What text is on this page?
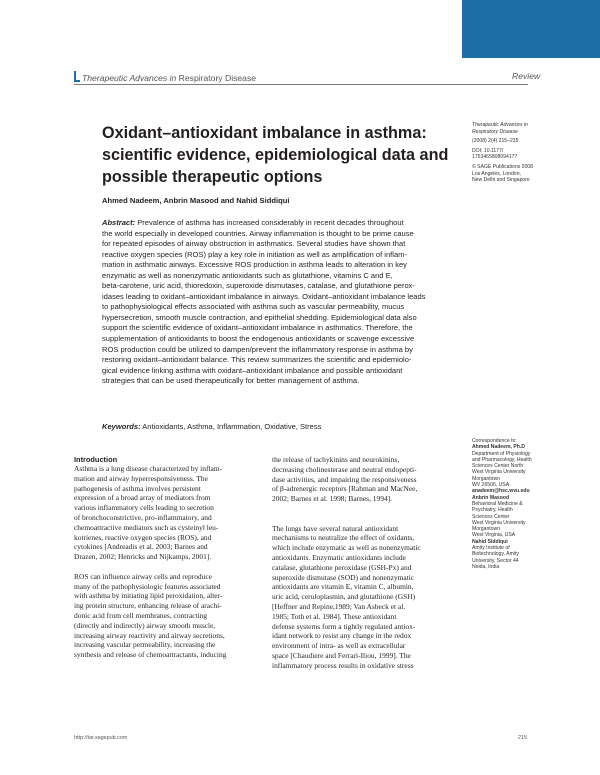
Therapeutic Advances in Respiratory Disease	Review
Oxidant–antioxidant imbalance in asthma: scientific evidence, epidemiological data and possible therapeutic options
Ahmed Nadeem, Anbrin Masood and Nahid Siddiqui
Therapeutic Advances in
Respiratory Disease
(2008) 2(4) 215–235
DOI: 10.1177/
1753465808094177
© SAGE Publications 2008
Los Angeles, London,
New Delhi and Singapore
Abstract: Prevalence of asthma has increased considerably in recent decades throughout
the world especially in developed countries. Airway inflammation is thought to be prime cause
for repeated episodes of airway obstruction in asthmatics. Several studies have shown that
reactive oxygen species (ROS) play a key role in initiation as well as amplification of inflam-
mation in asthmatic airways. Excessive ROS production in asthma leads to alteration in key
enzymatic as well as nonenzymatic antioxidants such as glutathione, vitamins C and E,
beta-carotene, uric acid, thioredoxin, superoxide dismutases, catalase, and glutathione perox-
idases leading to oxidant–antioxidant imbalance in airways. Oxidant–antioxidant imbalance leads
to pathophysiological effects associated with asthma such as vascular permeability, mucus
hypersecretion, smooth muscle contraction, and epithelial shedding. Epidemiological data also
support the scientific evidence of oxidant–antioxidant imbalance in asthmatics. Therefore, the
supplementation of antioxidants to boost the endogenous antioxidants or scavenge excessive
ROS production could be utilized to dampen/prevent the inflammatory response in asthma by
restoring oxidant–antioxidant balance. This review summarizes the scientific and epidemiolo-
gical evidence linking asthma with oxidant–antioxidant imbalance and possible antioxidant
strategies that can be used therapeutically for better management of asthma.
Keywords: Antioxidants, Asthma, Inflammation, Oxidative, Stress
Correspondence to:
Ahmed Nadeem, Ph.D
Department of Physiology
and Pharmacology, Health
Sciences Center North
West Virginia University
Morgantown
WV 26506, USA
anadeem@hsc.wvu.edu
Anbrin Masood
Behavioral Medicine &
Psychiatry, Health
Sciences Center
West Virginia University
Morgantown
West Virginia, USA
Nahid Siddiqui
Amity Institute of
Biotechnology, Amity
University, Sector 44
Noida, India
Introduction
Asthma is a lung disease characterized by inflam-
mation and airway hyperresponsiveness. The
pathogenesis of asthma involves persistent
expression of a broad array of mediators from
various inflammatory cells leading to secretion
of bronchoconstrictive, pro-inflammatory, and
chemoattractive mediators such as cysteinyl leu-
kotrienes, reactive oxygen species (ROS), and
cytokines [Andreadis et al. 2003; Barnes and
Drazen, 2002; Henricks and Nijkamps, 2001].
ROS can influence airway cells and reproduce
many of the pathophysiologic features associated
with asthma by initiating lipid peroxidation, alter-
ing protein structure, enhancing release of arachi-
donic acid from cell membranes, contracting
(directly and indirectly) airway smooth muscle,
increasing airway reactivity and airway secretions,
increasing vascular permeability, increasing the
synthesis and release of chemoattractants, inducing
the release of tachykinins and neurokinins,
decreasing cholinesterase and neutral endopepti-
dase activities, and impairing the responsiveness
of β-adrenergic receptors [Rahman and MacNee,
2002; Barnes et al. 1998; Barnes, 1994].
The lungs have several natural antioxidant
mechanisms to neutralize the effect of oxidants,
which include enzymatic as well as nonenzymatic
antioxidants. Enzymatic antioxidants include
catalase, glutathione peroxidase (GSH-Px) and
superoxide dismutase (SOD) and nonenzymatic
antioxidants are vitamin E, vitamin C, albumin,
uric acid, ceruloplasmin, and glutathione (GSH)
[Heffner and Repine,1989; Van Asbeck et al.
1985; Toth et al. 1984]. These antioxidant
defense systems form a tightly regulated antiox-
idant network to resist any change in the redox
environment of intra- as well as extracellular
space [Chaudiere and Ferrari-Iliou, 1999]. The
inflammatory process results in oxidative stress
http://tar.sagepub.com	215
